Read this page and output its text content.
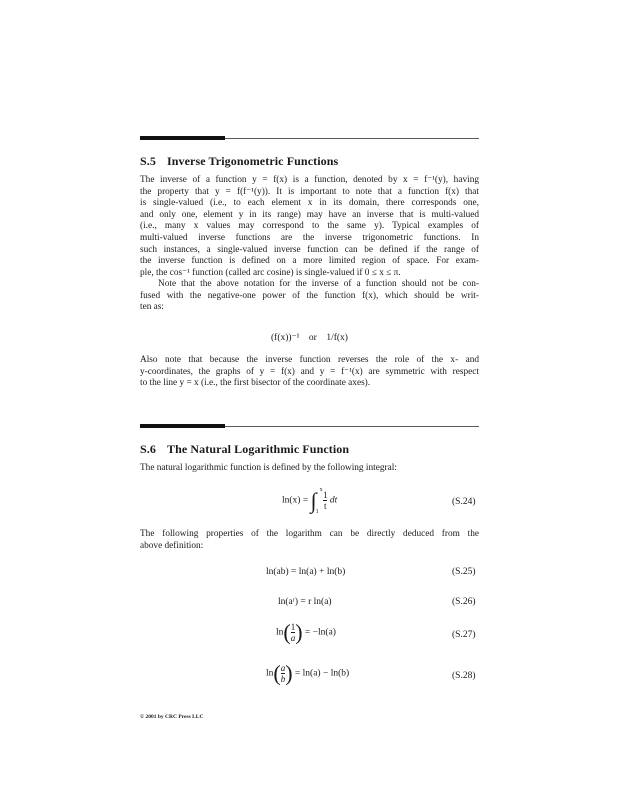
S.5 Inverse Trigonometric Functions
The inverse of a function y = f(x) is a function, denoted by x = f⁻¹(y), having
the property that y = f(f⁻¹(y)). It is important to note that a function f(x) that
is single-valued (i.e., to each element x in its domain, there corresponds one,
and only one, element y in its range) may have an inverse that is multi-valued
(i.e., many x values may correspond to the same y). Typical examples of
multi-valued inverse functions are the inverse trigonometric functions. In
such instances, a single-valued inverse function can be defined if the range of
the inverse function is defined on a more limited region of space. For exam-
ple, the cos⁻¹ function (called arc cosine) is single-valued if 0 ≤ x ≤ π.
Note that the above notation for the inverse of a function should not be con-
fused with the negative-one power of the function f(x), which should be writ-
ten as:
(f(x))⁻¹    or    1/f(x)
Also note that because the inverse function reverses the role of the x- and
y-coordinates, the graphs of y = f(x) and y = f⁻¹(x) are symmetric with respect
to the line y = x (i.e., the first bisector of the coordinate axes).
S.6 The Natural Logarithmic Function
The natural logarithmic function is defined by the following integral:
ln(x) = ∫ x
1
$\frac{1}{t}$ dt	(S.24)
The following properties of the logarithm can be directly deduced from the
above definition:
ln(ab) = ln(a) + ln(b)	(S.25)
ln(aʳ) = r ln(a)	(S.26)
$\ln(\frac{1}{a}$ ) = −ln(a)	(S.27)
$\ln(\frac{a}{b}$ ) = ln(a) − ln(b)	(S.28)
© 2001 by CRC Press LLC
